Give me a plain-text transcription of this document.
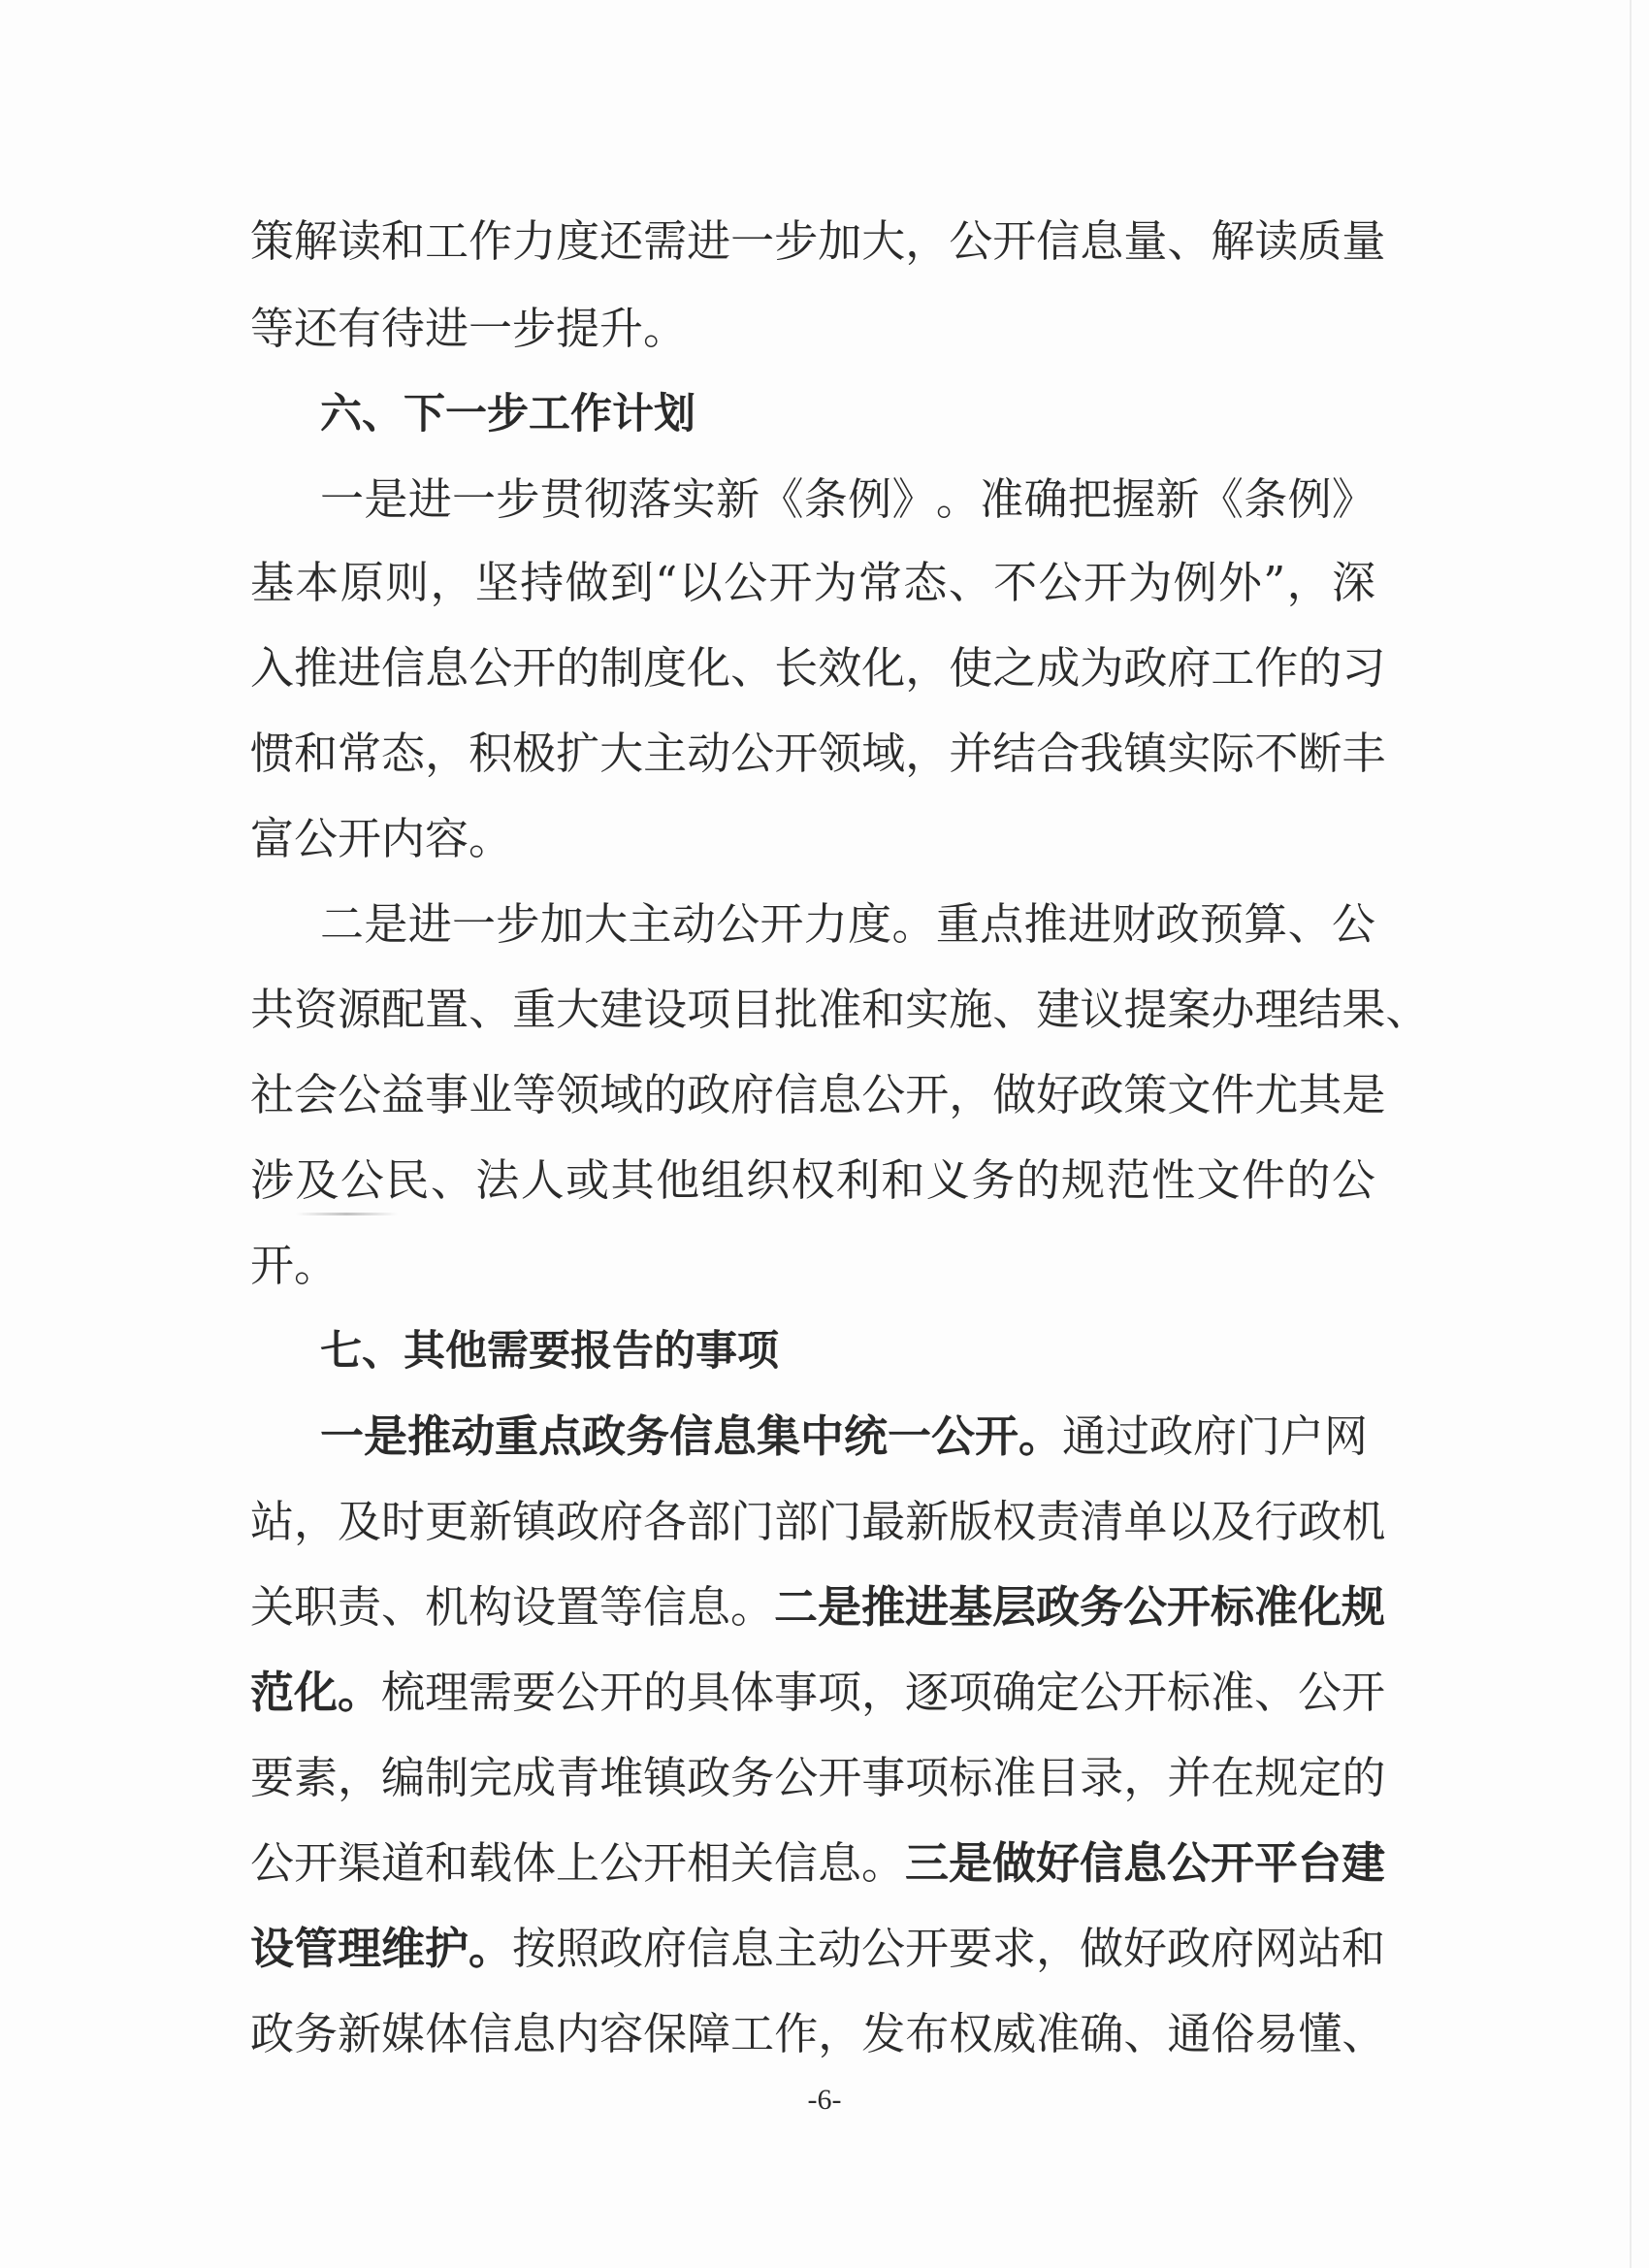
策 解 读 和 工 作 力 度 还 需 进 一 步 加 大 ， 公 开 信 息 量 、 解 读 质 量
等还有待进一步提升。
六、下一步工作计划
一 是 进 一 步 贯 彻 落 实 新 《 条 例 》 。 准 确 把 握 新 《 条 例 》
基 本 原 则 ， 坚 持 做 到 “ 以 公 开 为 常 态 、 不 公 开 为 例 外 ” ， 深
入 推 进 信 息 公 开 的 制 度 化 、 长 效 化 ， 使 之 成 为 政 府 工 作 的 习
惯 和 常 态 ， 积 极 扩 大 主 动 公 开 领 域 ， 并 结 合 我 镇 实 际 不 断 丰
富公开内容。
二 是 进 一 步 加 大 主 动 公 开 力 度 。 重 点 推 进 财 政 预 算 、 公
共 资 源 配 置 、 重 大 建 设 项 目 批 准 和 实 施 、 建 议 提 案 办 理 结 果 、
社 会 公 益 事 业 等 领 域 的 政 府 信 息 公 开 ， 做 好 政 策 文 件 尤 其 是
涉 及 公 民 、 法 人 或 其 他 组 织 权 利 和 义 务 的 规 范 性 文 件 的 公
开。
七、其他需要报告的事项
一是推动重点政务信息集中统一公开。通过政府门户网
站 ， 及 时 更 新 镇 政 府 各 部 门 部 门 最 新 版 权 责 清 单 以 及 行 政 机
关职责、机构设置等信息。二是推进基层政务公开标准化规
范化。梳理需要公开的具体事项，逐项确定公开标准、公开
要 素 ， 编 制 完 成 青 堆 镇 政 务 公 开 事 项 标 准 目 录 ， 并 在 规 定 的
公开渠道和载体上公开相关信息。三是做好信息公开平台建
设管理维护。按照政府信息主动公开要求，做好政府网站和
政 务 新 媒 体 信 息 内 容 保 障 工 作 ， 发 布 权 威 准 确 、 通 俗 易 懂 、
-6-
